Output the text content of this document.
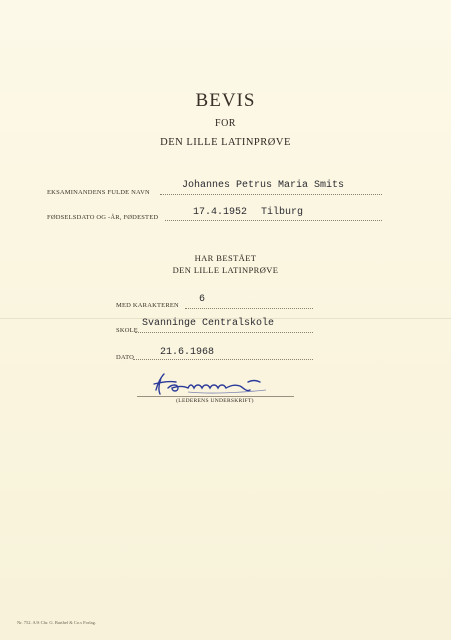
BEVIS
FOR
DEN LILLE LATINPRØVE
EKSAMINANDENS FULDE NAVN
Johannes Petrus Maria Smits
FØDSELSDATO OG -ÅR, FØDESTED	17.4.1952 Tilburg
HAR BESTÅET
DEN LILLE LATINPRØVE
MED KARAKTEREN
6
SKOLE
Svanninge Centralskole
DATO	21.6.1968
(LEDERENS UNDERSKRIFT)
Nr. 752. A/S Chr. G. Barthel & Co.s Forlag.
